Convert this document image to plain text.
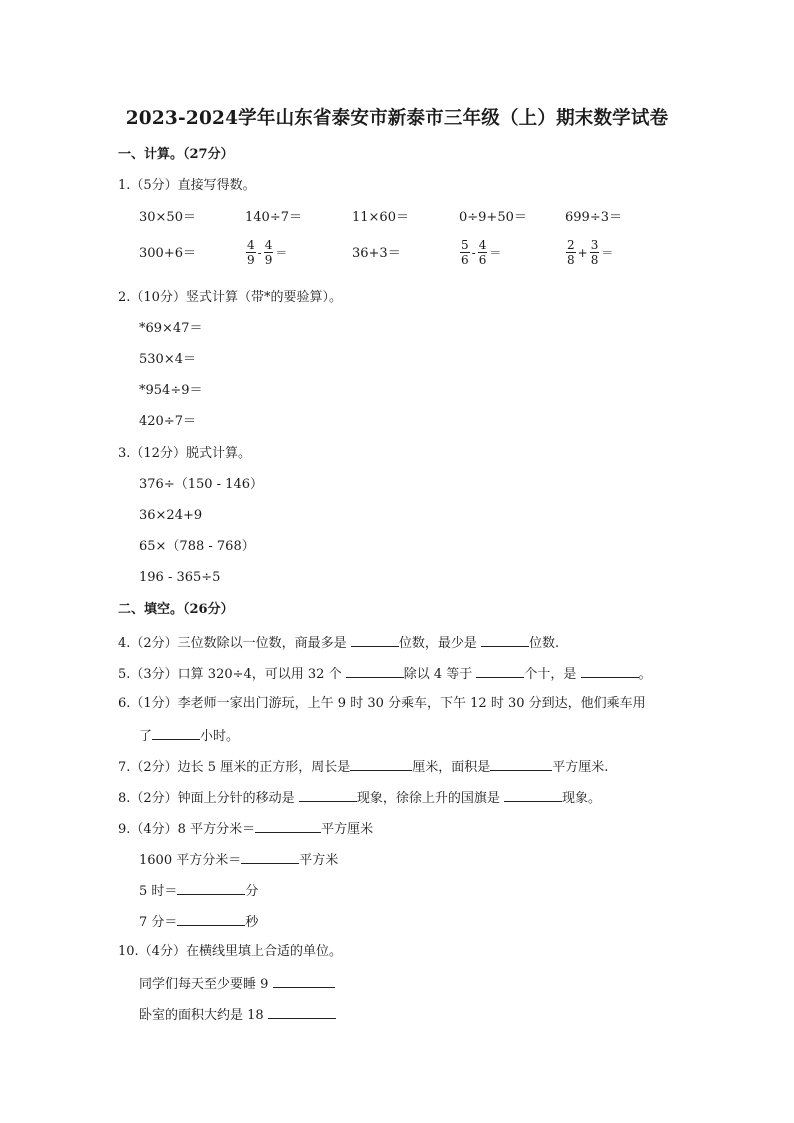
2023-2024学年山东省泰安市新泰市三年级（上）期末数学试卷
一、计算。（27分）
1.（5分）直接写得数。
30×50＝	140÷7＝	11×60＝	0÷9+50＝	699÷3＝
300+6＝	$\frac{4}{9} - \frac{4}{9}$ ＝	36+3＝	$\frac{5}{6} - \frac{4}{6}$ ＝	$\frac{2}{8} + \frac{3}{8}$ ＝
2.（10分）竖式计算（带*的要验算）。
*69×47＝
530×4＝
*954÷9＝
420÷7＝
3.（12分）脱式计算。
376÷（150 - 146）
36×24+9
65×（788 - 768）
196 - 365÷5
二、填空。（26分）
4.（2分）三位数除以一位数，商最多是	位数，最少是	位数.
5.（3分）口算 320÷4，可以用 32 个	除以 4 等于	个十，是	。
6.（1分）李老师一家出门游玩，上午 9 时 30 分乘车，下午 12 时 30 分到达，他们乘车用
了	小时。
7.（2分）边长 5 厘米的正方形，周长是	厘米，面积是	平方厘米.
8.（2分）钟面上分针的移动是	现象，徐徐上升的国旗是	现象。
9.（4分）8 平方分米＝	平方厘米
1600 平方分米＝	平方米
5 时＝	分
7 分＝	秒
10.（4分）在横线里填上合适的单位。
同学们每天至少要睡 9
卧室的面积大约是 18
